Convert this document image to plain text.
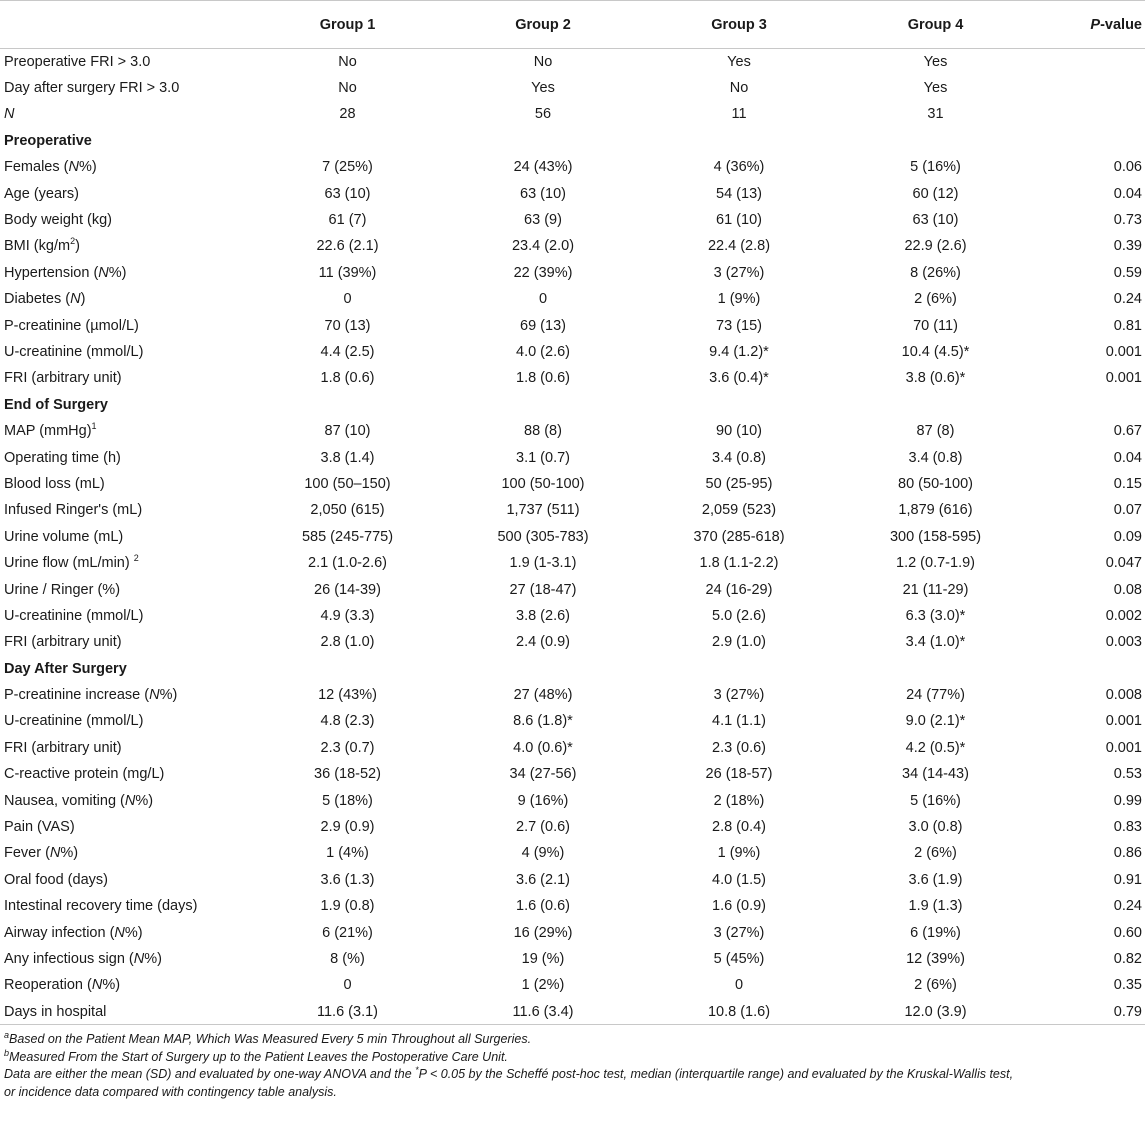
	Group 1	Group 2	Group 3	Group 4	P-value
Preoperative FRI > 3.0	No	No	Yes	Yes	
Day after surgery FRI > 3.0	No	Yes	No	Yes	
N	28	56	11	31	
Preoperative					
Females (N%)	7 (25%)	24 (43%)	4 (36%)	5 (16%)	0.06
Age (years)	63 (10)	63 (10)	54 (13)	60 (12)	0.04
Body weight (kg)	61 (7)	63 (9)	61 (10)	63 (10)	0.73
BMI $(kg/m^2)$	22.6 (2.1)	23.4 (2.0)	22.4 (2.8)	22.9 (2.6)	0.39
Hypertension (N%)	11 (39%)	22 (39%)	3 (27%)	8 (26%)	0.59
Diabetes (N)	0	0	1 (9%)	2 (6%)	0.24
P-creatinine (µmol/L)	70 (13)	69 (13)	73 (15)	70 (11)	0.81
U-creatinine (mmol/L)	4.4 (2.5)	4.0 (2.6)	9.4 (1.2)*	10.4 (4.5)*	0.001
FRI (arbitrary unit)	1.8 (0.6)	1.8 (0.6)	3.6 (0.4)*	3.8 (0.6)*	0.001
End of Surgery					
MAP (mmHg)$^1$	87 (10)	88 (8)	90 (10)	87 (8)	0.67
Operating time (h)	3.8 (1.4)	3.1 (0.7)	3.4 (0.8)	3.4 (0.8)	0.04
Blood loss (mL)	100 (50–150)	100 (50-100)	50 (25-95)	80 (50-100)	0.15
Infused Ringer's (mL)	2,050 (615)	1,737 (511)	2,059 (523)	1,879 (616)	0.07
Urine volume (mL)	585 (245-775)	500 (305-783)	370 (285-618)	300 (158-595)	0.09
Urine flow (mL/min) $^2$	2.1 (1.0-2.6)	1.9 (1-3.1)	1.8 (1.1-2.2)	1.2 (0.7-1.9)	0.047
Urine / Ringer (%)	26 (14-39)	27 (18-47)	24 (16-29)	21 (11-29)	0.08
U-creatinine (mmol/L)	4.9 (3.3)	3.8 (2.6)	5.0 (2.6)	6.3 (3.0)*	0.002
FRI (arbitrary unit)	2.8 (1.0)	2.4 (0.9)	2.9 (1.0)	3.4 (1.0)*	0.003
Day After Surgery					
P-creatinine increase (N%)	12 (43%)	27 (48%)	3 (27%)	24 (77%)	0.008
U-creatinine (mmol/L)	4.8 (2.3)	8.6 (1.8)*	4.1 (1.1)	9.0 (2.1)*	0.001
FRI (arbitrary unit)	2.3 (0.7)	4.0 (0.6)*	2.3 (0.6)	4.2 (0.5)*	0.001
C-reactive protein (mg/L)	36 (18-52)	34 (27-56)	26 (18-57)	34 (14-43)	0.53
Nausea, vomiting (N%)	5 (18%)	9 (16%)	2 (18%)	5 (16%)	0.99
Pain (VAS)	2.9 (0.9)	2.7 (0.6)	2.8 (0.4)	3.0 (0.8)	0.83
Fever (N%)	1 (4%)	4 (9%)	1 (9%)	2 (6%)	0.86
Oral food (days)	3.6 (1.3)	3.6 (2.1)	4.0 (1.5)	3.6 (1.9)	0.91
Intestinal recovery time (days)	1.9 (0.8)	1.6 (0.6)	1.6 (0.9)	1.9 (1.3)	0.24
Airway infection (N%)	6 (21%)	16 (29%)	3 (27%)	6 (19%)	0.60
Any infectious sign (N%)	8 (%)	19 (%)	5 (45%)	12 (39%)	0.82
Reoperation (N%)	0	1 (2%)	0	2 (6%)	0.35
Days in hospital	11.6 (3.1)	11.6 (3.4)	10.8 (1.6)	12.0 (3.9)	0.79
$^a$Based on the Patient Mean MAP, Which Was Measured Every 5 min Throughout all Surgeries.
$^b$Measured From the Start of Surgery up to the Patient Leaves the Postoperative Care Unit.
Data are either the mean (SD) and evaluated by one-way ANOVA and the *P < 0.05 by the Scheffé post-hoc test, median (interquartile range) and evaluated by the Kruskal-Wallis test,
or incidence data compared with contingency table analysis.
